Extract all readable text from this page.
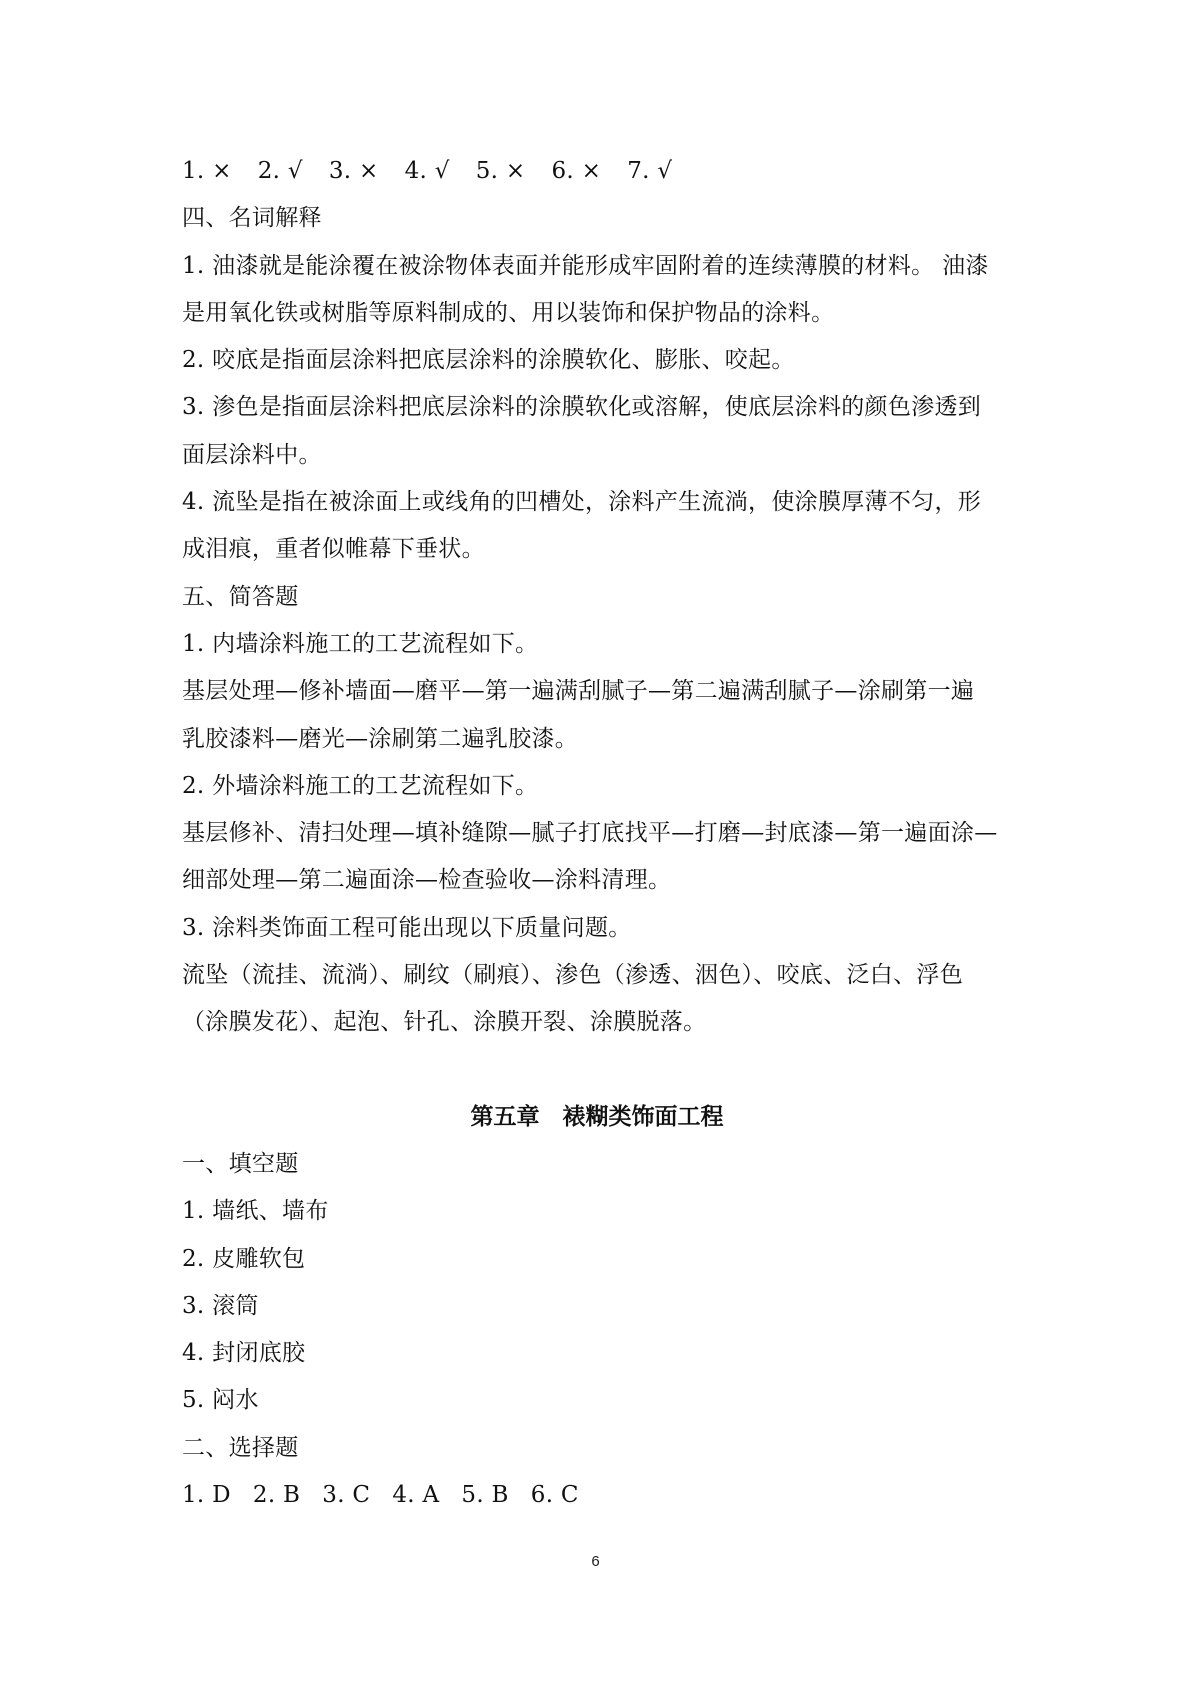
1. × 2. √ 3. × 4. √ 5. × 6. × 7. √
四、名词解释
1. 油漆就是能涂覆在被涂物体表面并能形成牢固附着的连续薄膜的材料。 油漆
是用氧化铁或树脂等原料制成的、用以装饰和保护物品的涂料。
2. 咬底是指面层涂料把底层涂料的涂膜软化、膨胀、咬起。
3. 渗色是指面层涂料把底层涂料的涂膜软化或溶解，使底层涂料的颜色渗透到
面层涂料中。
4. 流坠是指在被涂面上或线角的凹槽处，涂料产生流淌，使涂膜厚薄不匀，形
成泪痕，重者似帷幕下垂状。
五、简答题
1. 内墙涂料施工的工艺流程如下。
基层处理—修补墙面—磨平—第一遍满刮腻子—第二遍满刮腻子—涂刷第一遍
乳胶漆料—磨光—涂刷第二遍乳胶漆。
2. 外墙涂料施工的工艺流程如下。
基层修补、清扫处理—填补缝隙—腻子打底找平—打磨—封底漆—第一遍面涂—
细部处理—第二遍面涂—检查验收—涂料清理。
3. 涂料类饰面工程可能出现以下质量问题。
流坠（流挂、流淌）、刷纹（刷痕）、渗色（渗透、洇色）、咬底、泛白、浮色
（涂膜发花）、起泡、针孔、涂膜开裂、涂膜脱落。
第五章　裱糊类饰面工程
一、填空题
1. 墙纸、墙布
2. 皮雕软包
3. 滚筒
4. 封闭底胶
5. 闷水
二、选择题
1. D 2. B 3. C 4. A 5. B 6. C
6
